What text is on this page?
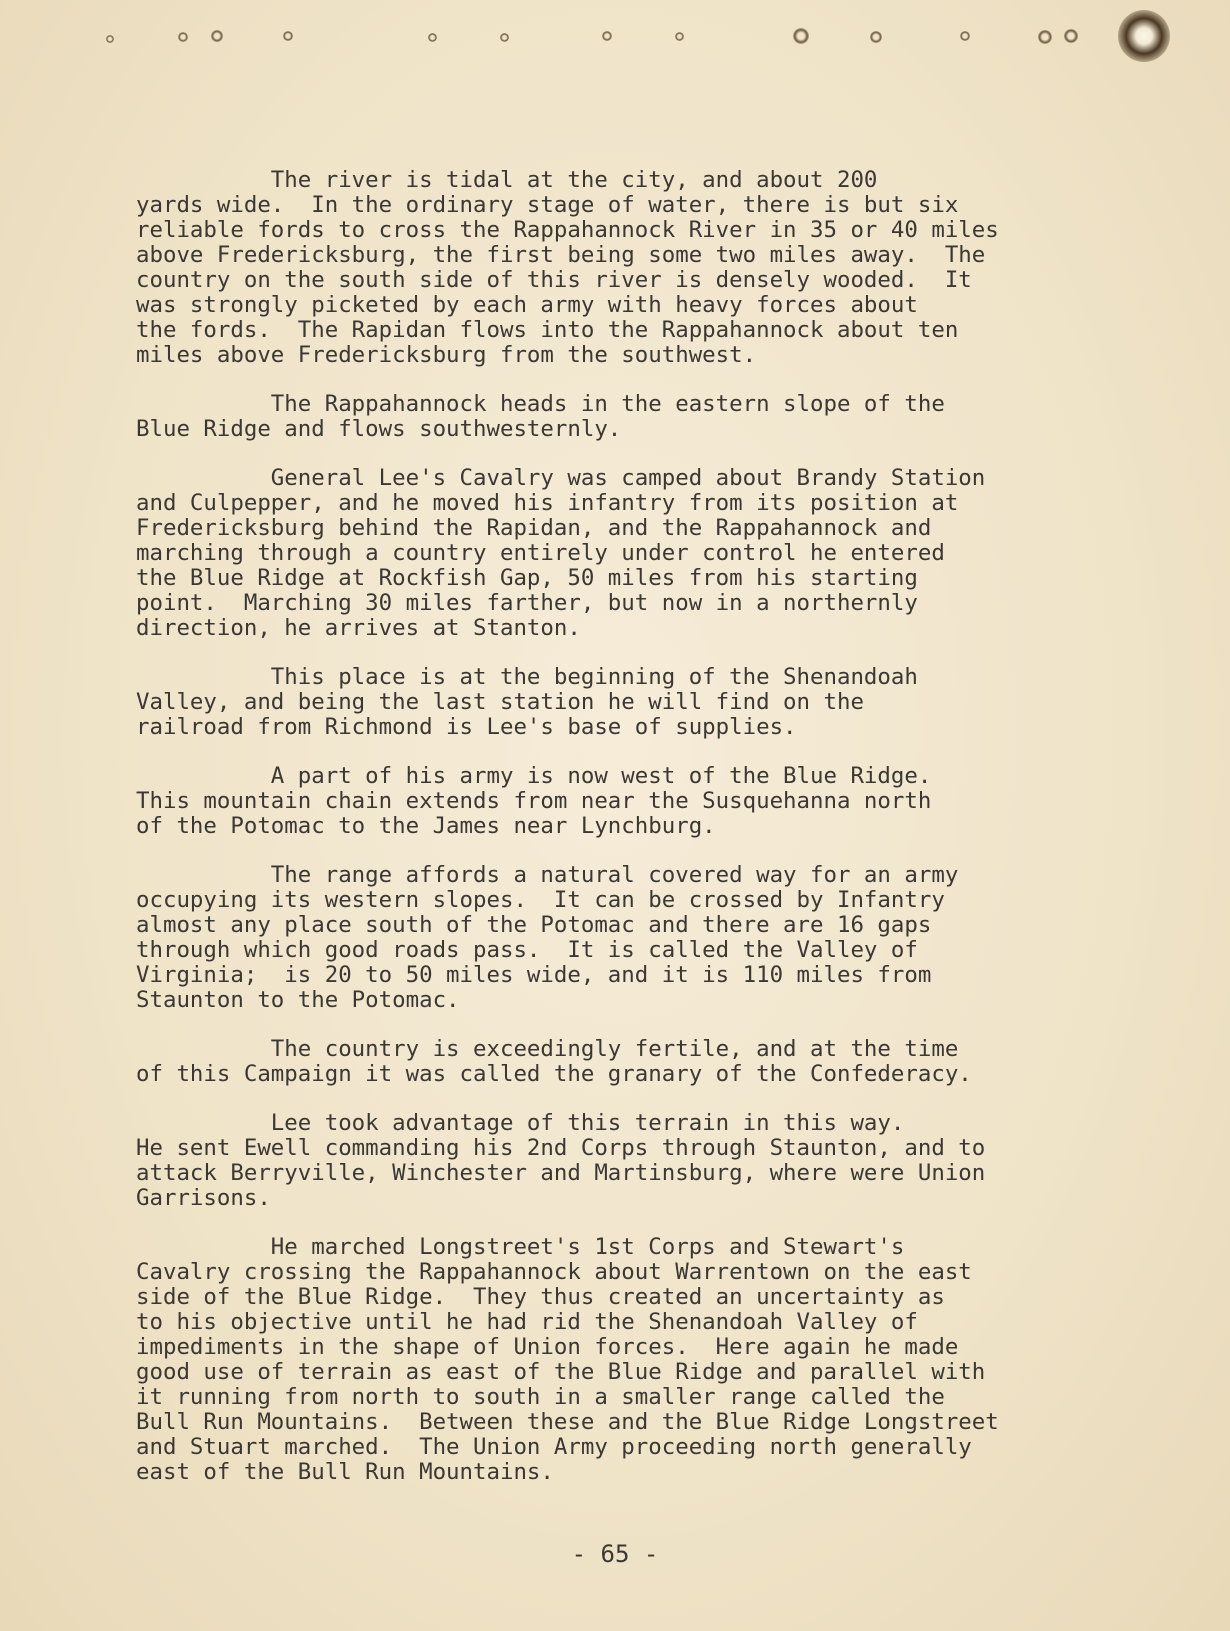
The river is tidal at the city, and about 200
yards wide.  In the ordinary stage of water, there is but six
reliable fords to cross the Rappahannock River in 35 or 40 miles
above Fredericksburg, the first being some two miles away.  The
country on the south side of this river is densely wooded.  It
was strongly picketed by each army with heavy forces about
the fords.  The Rapidan flows into the Rappahannock about ten
miles above Fredericksburg from the southwest.

The Rappahannock heads in the eastern slope of the
Blue Ridge and flows southwesternly.

General Lee's Cavalry was camped about Brandy Station
and Culpepper, and he moved his infantry from its position at
Fredericksburg behind the Rapidan, and the Rappahannock and
marching through a country entirely under control he entered
the Blue Ridge at Rockfish Gap, 50 miles from his starting
point.  Marching 30 miles farther, but now in a northernly
direction, he arrives at Stanton.

This place is at the beginning of the Shenandoah
Valley, and being the last station he will find on the
railroad from Richmond is Lee's base of supplies.

A part of his army is now west of the Blue Ridge.
This mountain chain extends from near the Susquehanna north
of the Potomac to the James near Lynchburg.

The range affords a natural covered way for an army
occupying its western slopes.  It can be crossed by Infantry
almost any place south of the Potomac and there are 16 gaps
through which good roads pass.  It is called the Valley of
Virginia;  is 20 to 50 miles wide, and it is 110 miles from
Staunton to the Potomac.

The country is exceedingly fertile, and at the time
of this Campaign it was called the granary of the Confederacy.

Lee took advantage of this terrain in this way.
He sent Ewell commanding his 2nd Corps through Staunton, and to
attack Berryville, Winchester and Martinsburg, where were Union
Garrisons.

He marched Longstreet's 1st Corps and Stewart's
Cavalry crossing the Rappahannock about Warrentown on the east
side of the Blue Ridge.  They thus created an uncertainty as
to his objective until he had rid the Shenandoah Valley of
impediments in the shape of Union forces.  Here again he made
good use of terrain as east of the Blue Ridge and parallel with
it running from north to south in a smaller range called the
Bull Run Mountains.  Between these and the Blue Ridge Longstreet
and Stuart marched.  The Union Army proceeding north generally
east of the Bull Run Mountains.

- 65 -
